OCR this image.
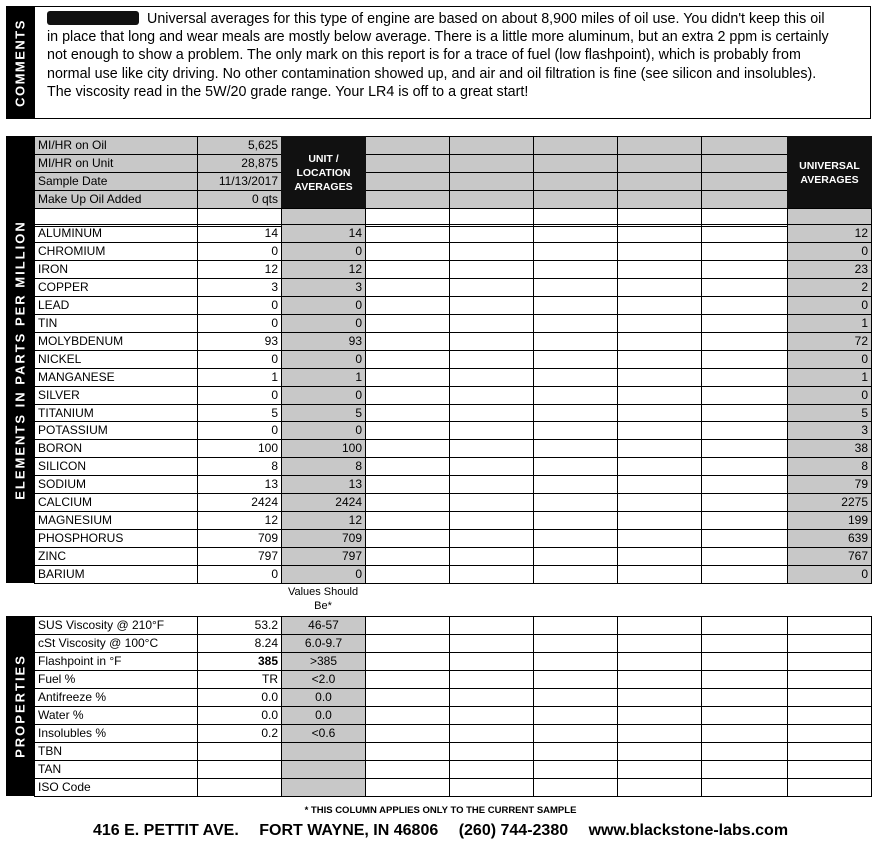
COMMENTS	Universal averages for this type of engine are based on about 8,900 miles of oil use. You didn't keep this oil in place that long and wear meals are mostly below average. There is a little more aluminum, but an extra 2 ppm is certainly not enough to show a problem. The only mark on this report is for a trace of fuel (low flashpoint), which is probably from normal use like city driving. No other contamination showed up, and air and oil filtration is fine (see silicon and insolubles). The viscosity read in the 5W/20 grade range. Your LR4 is off to a great start!
ELEMENTS IN PARTS PER MILLION
PROPERTIES
MI/HR on Oil	5,625
MI/HR on Unit	28,875
Sample Date	11/13/2017
Make Up Oil Added	0 qts
UNIT / LOCATION AVERAGES
UNIVERSAL AVERAGES
ALUMINUM	14	14	12
CHROMIUM	0	0	0
IRON	12	12	23
COPPER	3	3	2
LEAD	0	0	0
TIN	0	0	1
MOLYBDENUM	93	93	72
NICKEL	0	0	0
MANGANESE	1	1	1
SILVER	0	0	0
TITANIUM	5	5	5
POTASSIUM	0	0	3
BORON	100	100	38
SILICON	8	8	8
SODIUM	13	13	79
CALCIUM	2424	2424	2275
MAGNESIUM	12	12	199
PHOSPHORUS	709	709	639
ZINC	797	797	767
BARIUM	0	0	0
SUS Viscosity @ 210°F	53.2	46-57
cSt Viscosity @ 100°C	8.24	6.0-9.7
Flashpoint in °F	385	>385
Fuel %	TR	<2.0
Antifreeze %	0.0	0.0
Water %	0.0	0.0
Insolubles %	0.2	<0.6
TBN
TAN
ISO Code
Values Should Be*
* THIS COLUMN APPLIES ONLY TO THE CURRENT SAMPLE
416 E. PETTIT AVE. FORT WAYNE, IN 46806 (260) 744-2380 www.blackstone-labs.com
